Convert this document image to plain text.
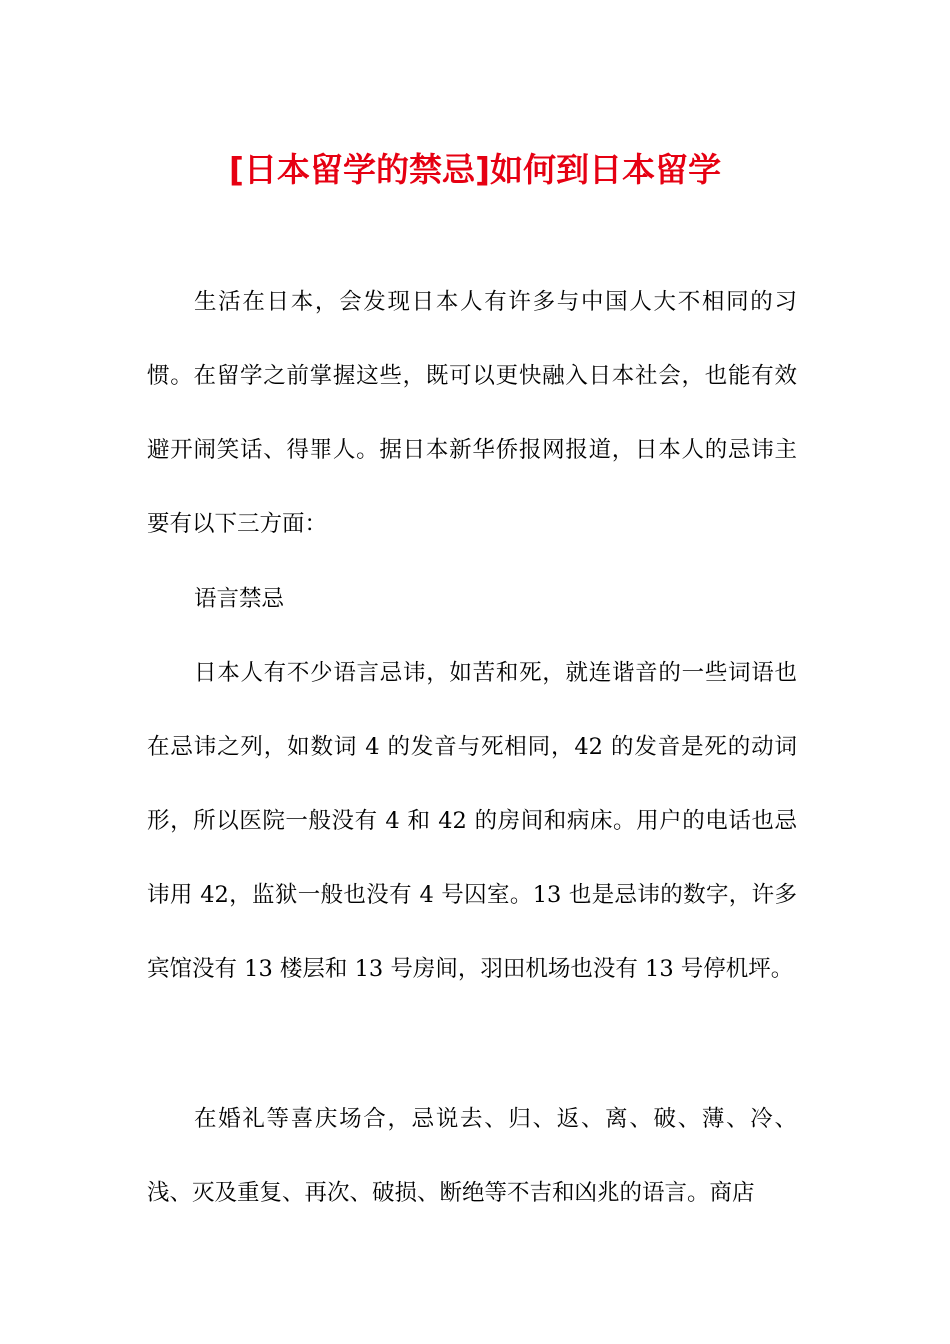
[日本留学的禁忌]如何到日本留学

生活在日本，会发现日本人有许多与中国人大不相同的习惯。在留学之前掌握这些，既可以更快融入日本社会，也能有效避开闹笑话、得罪人。据日本新华侨报网报道，日本人的忌讳主要有以下三方面：

语言禁忌

日本人有不少语言忌讳，如苦和死，就连谐音的一些词语也在忌讳之列，如数词 4 的发音与死相同，42 的发音是死的动词形，所以医院一般没有 4 和 42 的房间和病床。用户的电话也忌讳用 42，监狱一般也没有 4 号囚室。13 也是忌讳的数字，许多宾馆没有 13 楼层和 13 号房间，羽田机场也没有 13 号停机坪。

在婚礼等喜庆场合，忌说去、归、返、离、破、薄、冷、浅、灭及重复、再次、破损、断绝等不吉和凶兆的语言。商店
